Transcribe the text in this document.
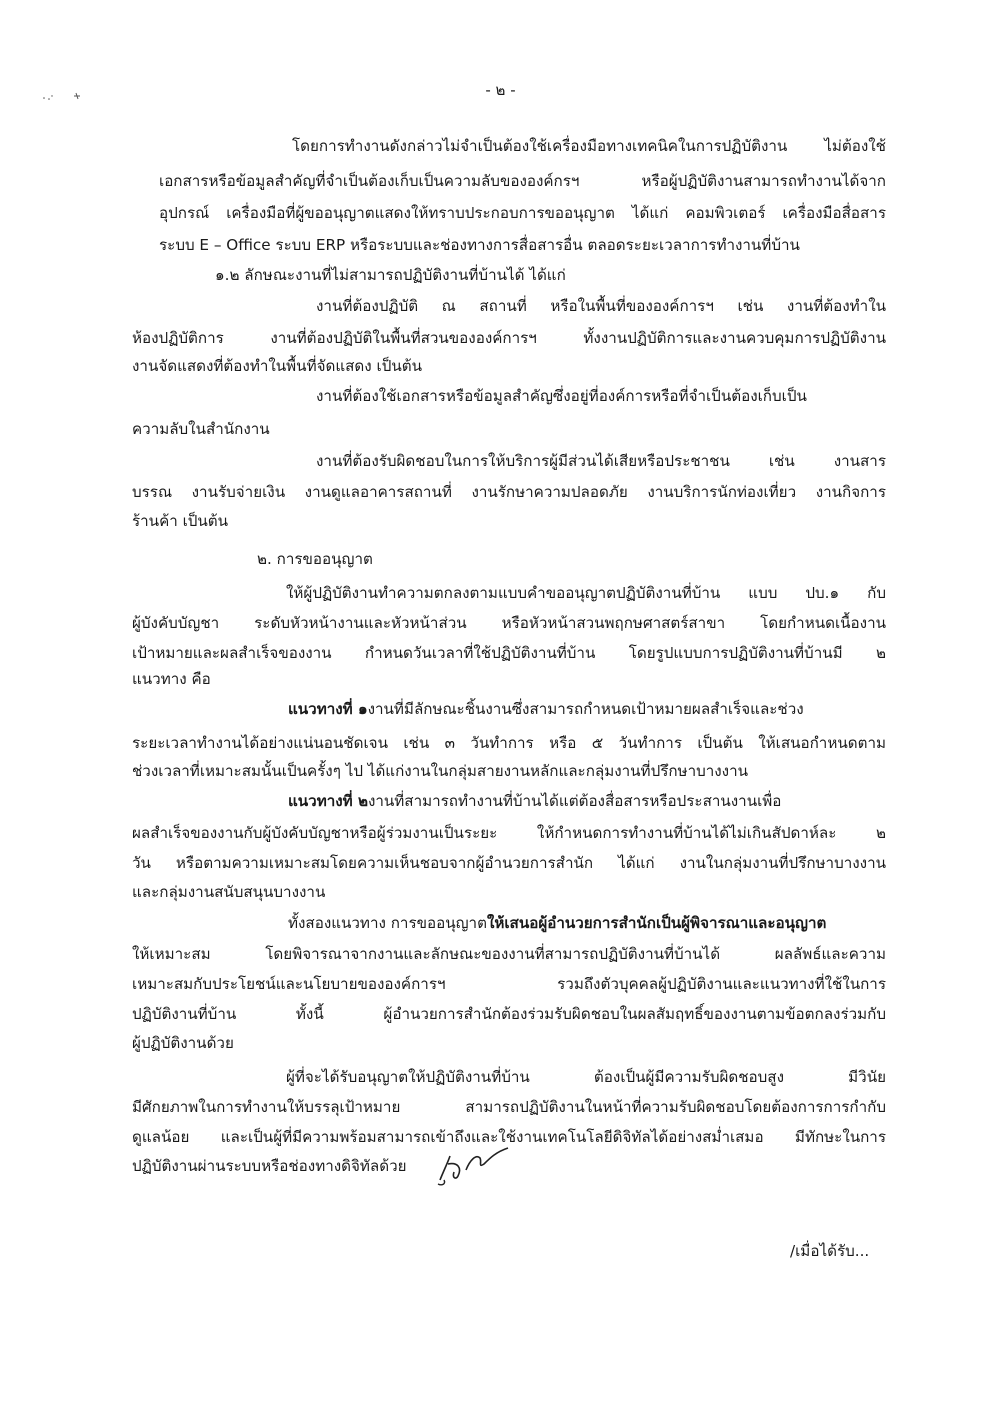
- ๒ -
โดยการทำงานดังกล่าวไม่จำเป็นต้องใช้เครื่องมือทางเทคนิคในการปฏิบัติงาน ไม่ต้องใช้
เอกสารหรือข้อมูลสำคัญที่จำเป็นต้องเก็บเป็นความลับขององค์กรฯ หรือผู้ปฏิบัติงานสามารถทำงานได้จาก
อุปกรณ์ เครื่องมือที่ผู้ขออนุญาตแสดงให้ทราบประกอบการขออนุญาต ได้แก่ คอมพิวเตอร์ เครื่องมือสื่อสาร
ระบบ E – Office ระบบ ERP หรือระบบและช่องทางการสื่อสารอื่น ตลอดระยะเวลาการทำงานที่บ้าน
๑.๒ ลักษณะงานที่ไม่สามารถปฏิบัติงานที่บ้านได้ ได้แก่
งานที่ต้องปฏิบัติ ณ สถานที่ หรือในพื้นที่ขององค์การฯ เช่น งานที่ต้องทำใน
ห้องปฏิบัติการ งานที่ต้องปฏิบัติในพื้นที่สวนขององค์การฯ ทั้งงานปฏิบัติการและงานควบคุมการปฏิบัติงาน
งานจัดแสดงที่ต้องทำในพื้นที่จัดแสดง เป็นต้น
งานที่ต้องใช้เอกสารหรือข้อมูลสำคัญซึ่งอยู่ที่องค์การหรือที่จำเป็นต้องเก็บเป็น
ความลับในสำนักงาน
งานที่ต้องรับผิดชอบในการให้บริการผู้มีส่วนได้เสียหรือประชาชน เช่น งานสาร
บรรณ งานรับจ่ายเงิน งานดูแลอาคารสถานที่ งานรักษาความปลอดภัย งานบริการนักท่องเที่ยว งานกิจการ
ร้านค้า เป็นต้น
๒. การขออนุญาต
ให้ผู้ปฏิบัติงานทำความตกลงตามแบบคำขออนุญาตปฏิบัติงานที่บ้าน แบบ ปบ.๑ กับ
ผู้บังคับบัญชา ระดับหัวหน้างานและหัวหน้าส่วน หรือหัวหน้าสวนพฤกษศาสตร์สาขา โดยกำหนดเนื้องาน
เป้าหมายและผลสำเร็จของงาน กำหนดวันเวลาที่ใช้ปฏิบัติงานที่บ้าน โดยรูปแบบการปฏิบัติงานที่บ้านมี ๒
แนวทาง คือ
แนวทางที่ ๑ งานที่มีลักษณะชิ้นงานซึ่งสามารถกำหนดเป้าหมายผลสำเร็จและช่วง
ระยะเวลาทำงานได้อย่างแน่นอนชัดเจน เช่น ๓ วันทำการ หรือ ๕ วันทำการ เป็นต้น ให้เสนอกำหนดตาม
ช่วงเวลาที่เหมาะสมนั้นเป็นครั้งๆ ไป ได้แก่งานในกลุ่มสายงานหลักและกลุ่มงานที่ปรึกษาบางงาน
แนวทางที่ ๒ งานที่สามารถทำงานที่บ้านได้แต่ต้องสื่อสารหรือประสานงานเพื่อ
ผลสำเร็จของงานกับผู้บังคับบัญชาหรือผู้ร่วมงานเป็นระยะ ให้กำหนดการทำงานที่บ้านได้ไม่เกินสัปดาห์ละ ๒
วัน หรือตามความเหมาะสมโดยความเห็นชอบจากผู้อำนวยการสำนัก ได้แก่ งานในกลุ่มงานที่ปรึกษาบางงาน
และกลุ่มงานสนับสนุนบางงาน
ทั้งสองแนวทาง การขออนุญาต ให้เสนอผู้อำนวยการสำนักเป็นผู้พิจารณาและอนุญาต
ให้เหมาะสม โดยพิจารณาจากงานและลักษณะของงานที่สามารถปฏิบัติงานที่บ้านได้ ผลลัพธ์และความ
เหมาะสมกับประโยชน์และนโยบายขององค์การฯ รวมถึงตัวบุคคลผู้ปฏิบัติงานและแนวทางที่ใช้ในการ
ปฏิบัติงานที่บ้าน ทั้งนี้ ผู้อำนวยการสำนักต้องร่วมรับผิดชอบในผลสัมฤทธิ์ของงานตามข้อตกลงร่วมกับ
ผู้ปฏิบัติงานด้วย
ผู้ที่จะได้รับอนุญาตให้ปฏิบัติงานที่บ้าน ต้องเป็นผู้มีความรับผิดชอบสูง มีวินัย
มีศักยภาพในการทำงานให้บรรลุเป้าหมาย สามารถปฏิบัติงานในหน้าที่ความรับผิดชอบโดยต้องการการกำกับ
ดูแลน้อย และเป็นผู้ที่มีความพร้อมสามารถเข้าถึงและใช้งานเทคโนโลยีดิจิทัลได้อย่างสม่ำเสมอ มีทักษะในการ
ปฏิบัติงานผ่านระบบหรือช่องทางดิจิทัลด้วย
/เมื่อได้รับ...
